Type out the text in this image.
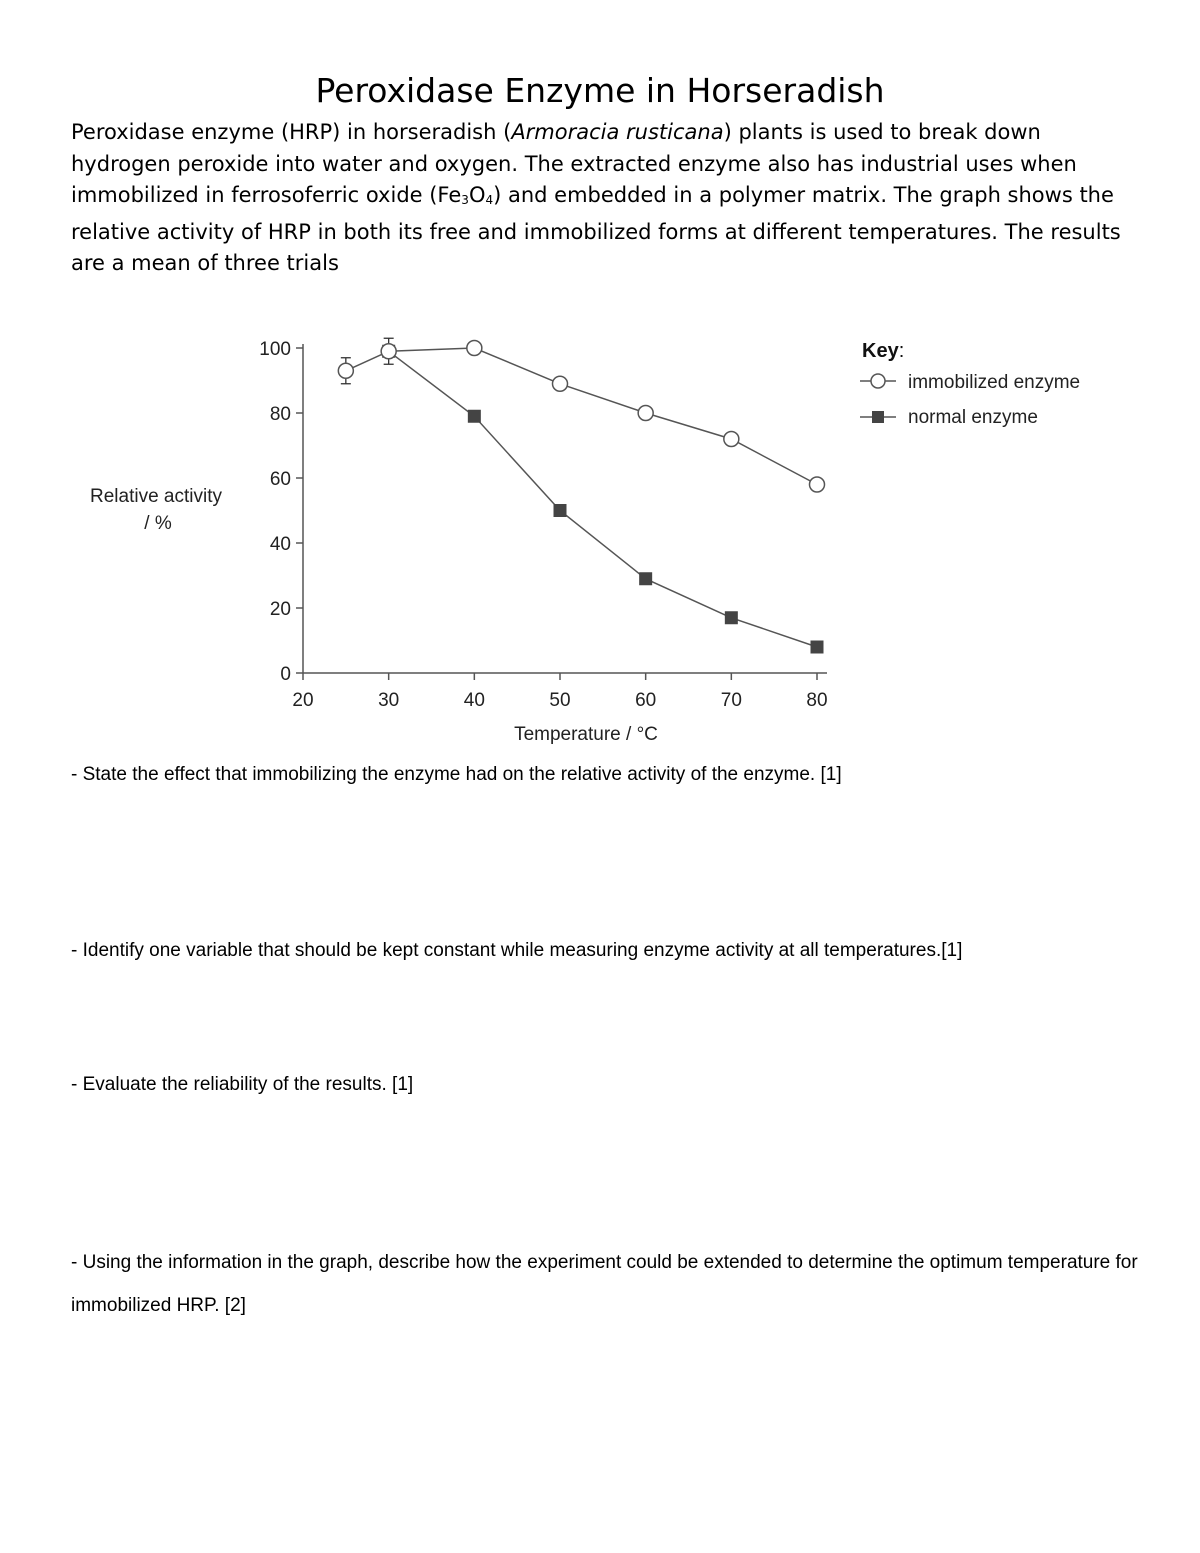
Peroxidase Enzyme in Horseradish
Peroxidase enzyme (HRP) in horseradish (Armoracia rusticana) plants is used to break down hydrogen peroxide into water and oxygen. The extracted enzyme also has industrial uses when immobilized in ferrosoferric oxide $(Fe_3O_4)$ and embedded in a polymer matrix. The graph shows the relative activity of HRP in both its free and immobilized forms at different temperatures. The results are a mean of three trials
0
20
40
60
80
100
20	30	40	50	60	70	80
Relative activity
/ %
Temperature / °C
Key:
immobilized enzyme
normal enzyme
- State the effect that immobilizing the enzyme had on the relative activity of the enzyme. [1]
- Identify one variable that should be kept constant while measuring enzyme activity at all temperatures.[1]
- Evaluate the reliability of the results. [1]
- Using the information in the graph, describe how the experiment could be extended to determine the optimum temperature for immobilized HRP. [2]
